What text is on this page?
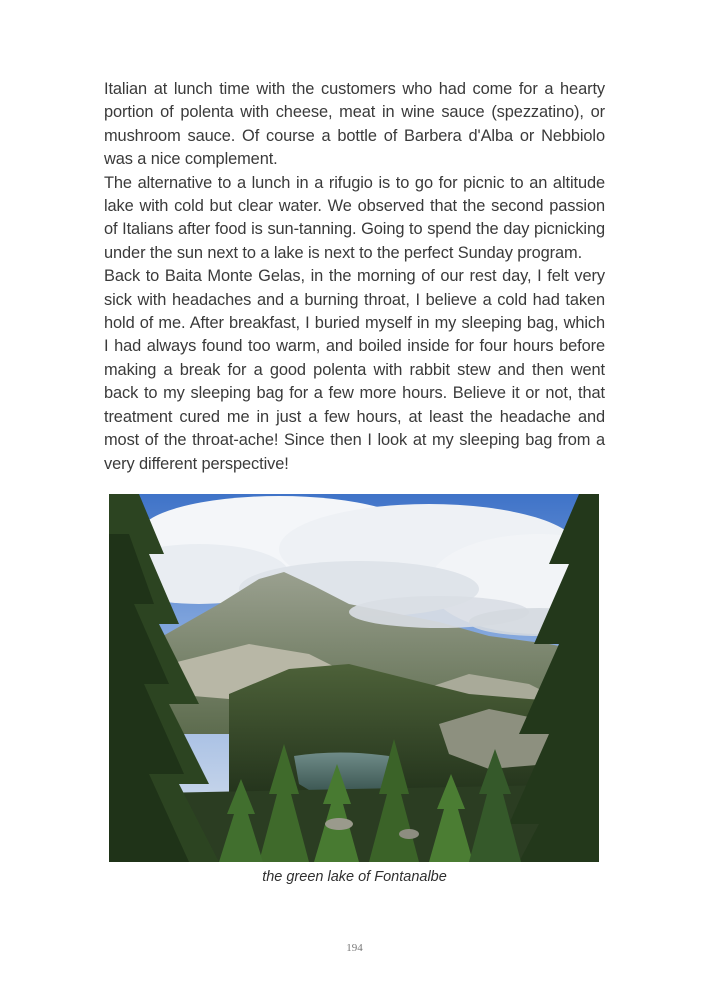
Italian at lunch time with the customers who had come for a hearty portion of polenta with cheese, meat in wine sauce (spezzatino), or mushroom sauce. Of course a bottle of Barbera d'Alba or Nebbiolo was a nice complement.

The alternative to a lunch in a rifugio is to go for picnic to an altitude lake with cold but clear water. We observed that the second passion of Italians after food is sun-tanning. Going to spend the day picnicking under the sun next to a lake is next to the perfect Sunday program.

Back to Baita Monte Gelas, in the morning of our rest day, I felt very sick with headaches and a burning throat, I believe a cold had taken hold of me. After breakfast, I buried myself in my sleeping bag, which I had always found too warm, and boiled inside for four hours before making a break for a good polenta with rabbit stew and then went back to my sleeping bag for a few more hours. Believe it or not, that treatment cured me in just a few hours, at least the headache and most of the throat-ache! Since then I look at my sleeping bag from a very different perspective!

the green lake of Fontanalbe
194
